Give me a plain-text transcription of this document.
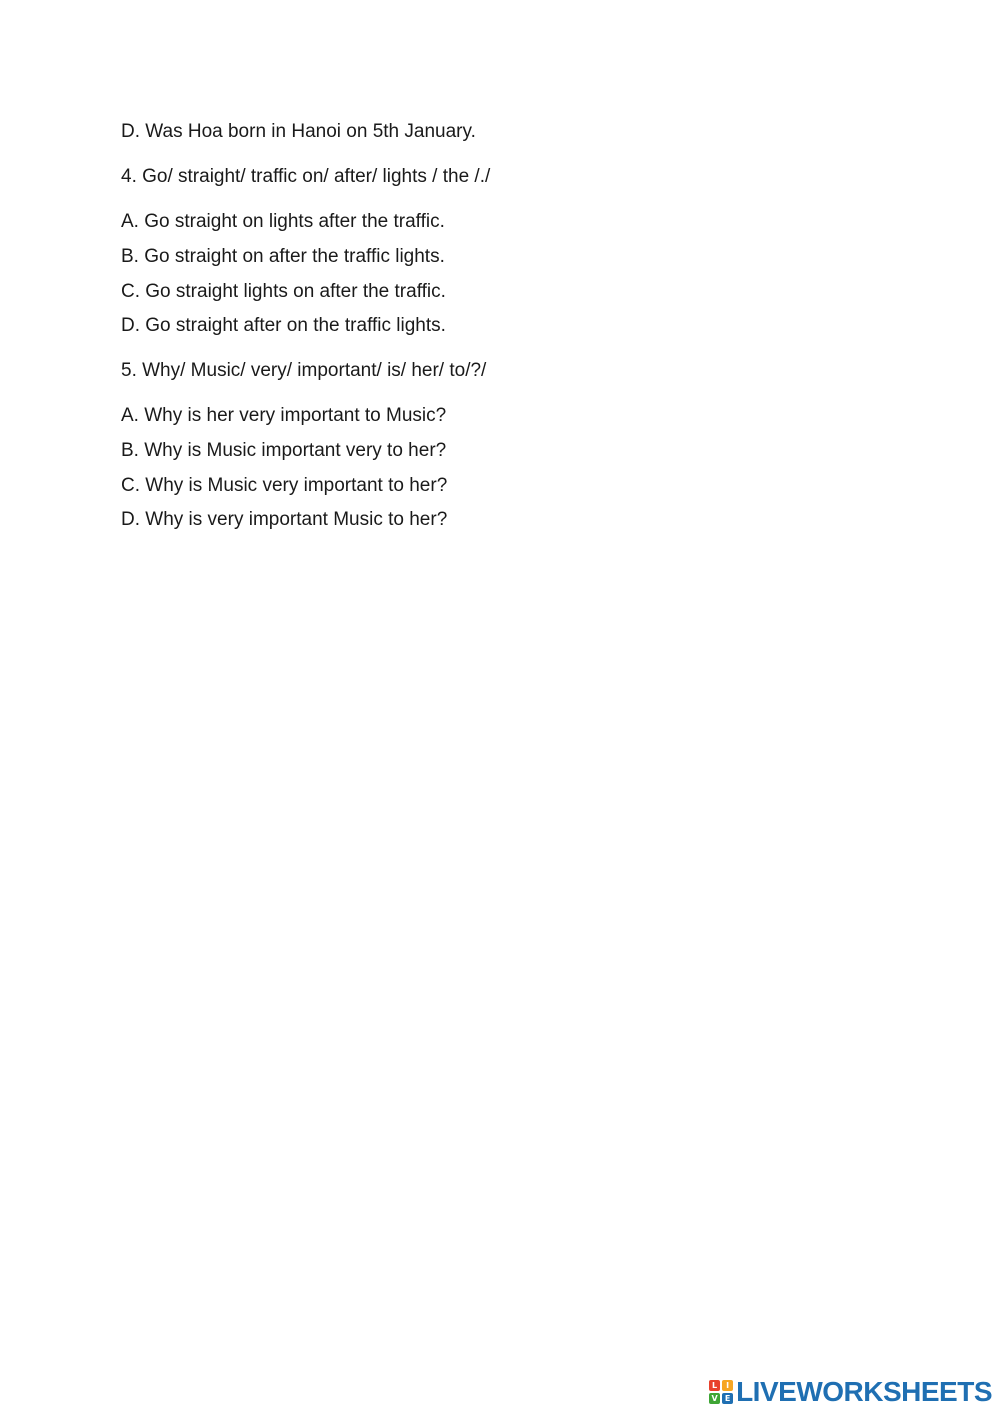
D. Was Hoa born in Hanoi on 5th January.
4. Go/ straight/ traffic on/ after/ lights / the /./
A. Go straight on lights after the traffic.
B. Go straight on after the traffic lights.
C. Go straight lights on after the traffic.
D. Go straight after on the traffic lights.
5. Why/ Music/ very/ important/ is/ her/ to/?/
A. Why is her very important to Music?
B. Why is Music important very to her?
C. Why is Music very important to her?
D. Why is very important Music to her?
L	I
V E LIVEWORKSHEETS
